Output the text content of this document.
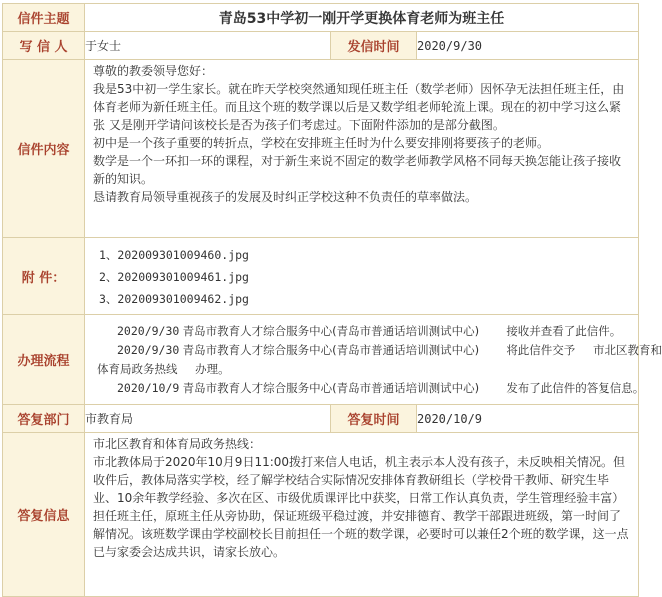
信件主题	青岛53中学初一刚开学更换体育老师为班主任		

写 信 人	于女士	发信时间	2020/9/30
信件内容	尊敬的教委领导您好：

我是53中初一学生家长。就在昨天学校突然通知现任班主任（数学老师）因怀孕无法担任班主任，由体育老师为新任班主任。而且这个班的数学课以后是又数学组老师轮流上课。现在的初中学习这么紧张 又是刚开学请问该校长是否为孩子们考虑过。下面附件添加的是部分截图。

初中是一个孩子重要的转折点，学校在安排班主任时为什么要安排刚将要孩子的老师。

数学是一个一环扣一环的课程，对于新生来说不固定的数学老师教学风格不同每天换怎能让孩子接收新的知识。

恳请教育局领导重视孩子的发展及时纠正学校这种不负责任的草率做法。		

附 件：	1、202009301009460.jpg
2、202009301009461.jpg
3、202009301009462.jpg		

办理流程	2020/9/30 青岛市教育人才综合服务中心(青岛市普通话培训测试中心) 接收并查看了此信件。
2020/9/30 青岛市教育人才综合服务中心(青岛市普通话培训测试中心) 将此信件交予 市北区教育和
体育局政务热线 办理。
2020/10/9 青岛市教育人才综合服务中心(青岛市普通话培训测试中心) 发布了此信件的答复信息。		

答复部门	市教育局	答复时间	2020/10/9
答复信息	市北区教育和体育局政务热线：

市北教体局于2020年10月9日11:00拨打来信人电话，机主表示本人没有孩子，未反映相关情况。但收件后，教体局落实学校，经了解学校结合实际情况安排体育教研组长（学校骨干教师、研究生毕业、10余年教学经验、多次在区、市级优质课评比中获奖，日常工作认真负责，学生管理经验丰富）担任班主任，原班主任从旁协助，保证班级平稳过渡，并安排德育、教学干部跟进班级，第一时间了解情况。该班数学课由学校副校长目前担任一个班的数学课，必要时可以兼任2个班的数学课，这一点已与家委会达成共识，请家长放心。		
